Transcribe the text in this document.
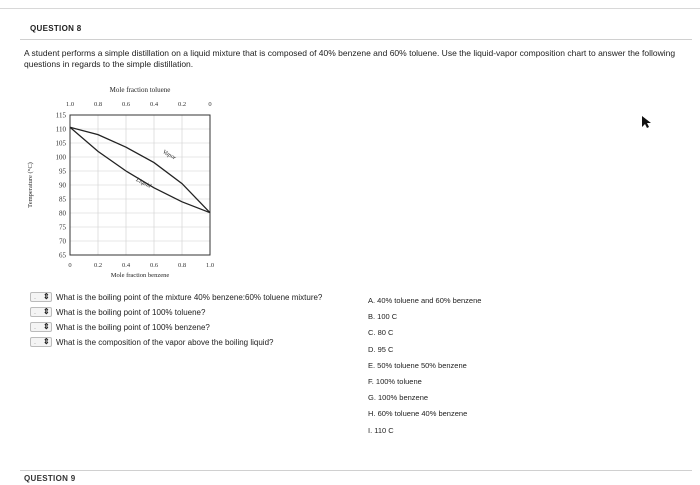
QUESTION 8
A student performs a simple distillation on a liquid mixture that is composed of 40% benzene and 60% toluene. Use the liquid-vapor composition chart to answer the following questions in regards to the simple distillation.
115
110
105
100
95
90
85
80
75
70
65
0	0.2	0.4	0.6	0.8	1.0
1.0	0.8	0.6	0.4	0.2	0
Mole fraction toluene
Mole fraction benzene
Temperature (°C)
Vapor
Liquid
· ⇕ What is the boiling point of the mixture 40% benzene:60% toluene mixture?
· ⇕ What is the boiling point of 100% toluene?
· ⇕ What is the boiling point of 100% benzene?
· ⇕ What is the composition of the vapor above the boiling liquid?
A. 40% toluene and 60% benzene
B. 100 C
C. 80 C
D. 95 C
E. 50% toluene 50% benzene
F. 100% toluene
G. 100% benzene
H. 60% toluene 40% benzene
I. 110 C
QUESTION 9
